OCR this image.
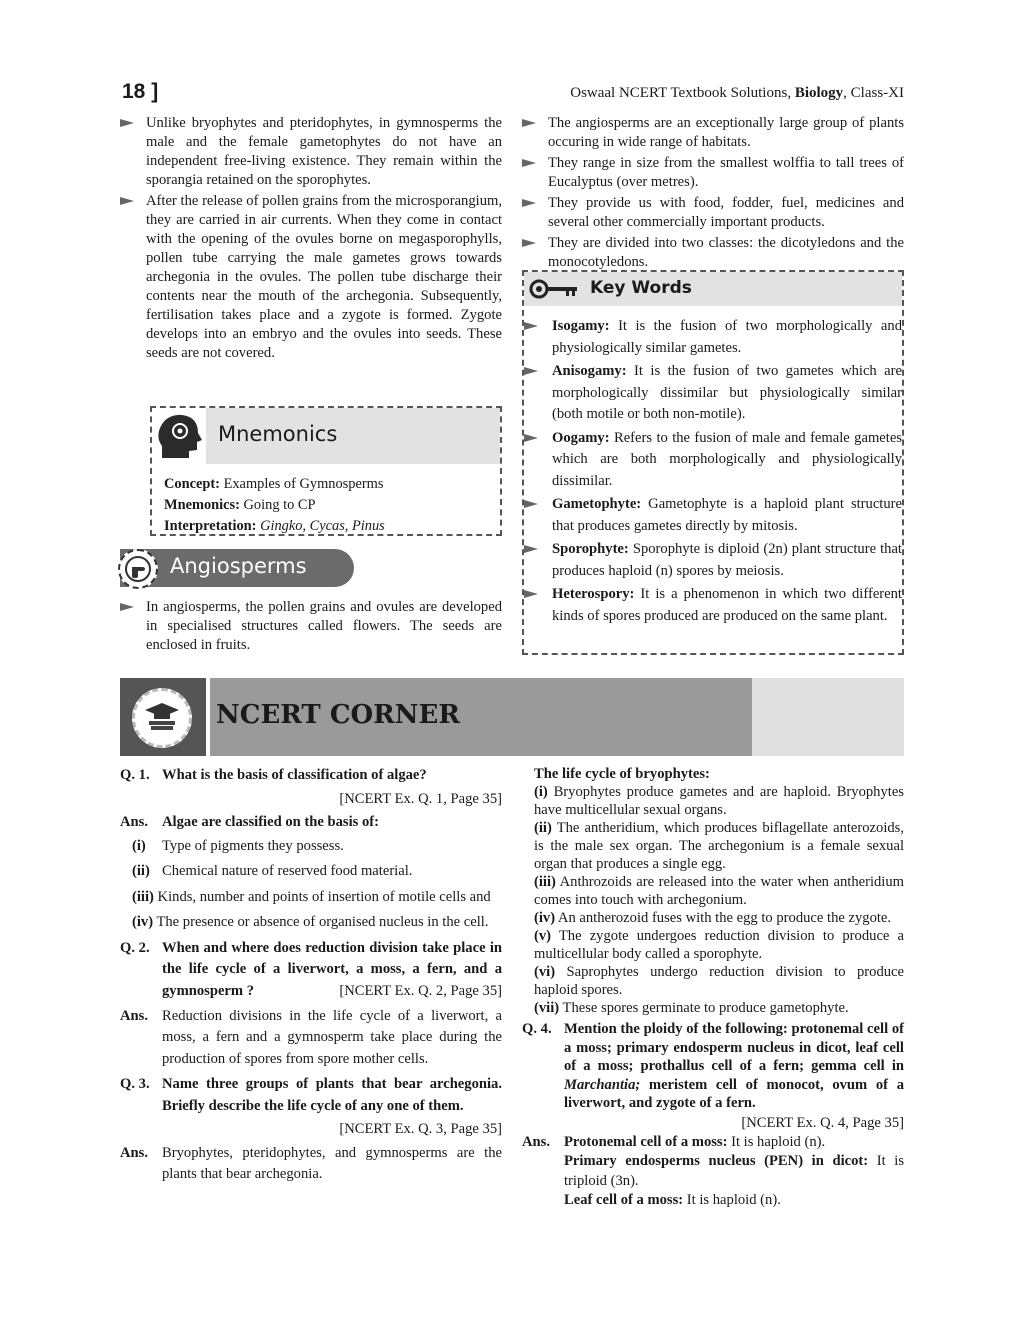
18 ]	Oswaal NCERT Textbook Solutions, Biology, Class-XI
Unlike bryophytes and pteridophytes, in gymnosperms the male and the female gametophytes do not have an independent free-living existence. They remain within the sporangia retained on the sporophytes.
After the release of pollen grains from the microsporangium, they are carried in air currents. When they come in contact with the opening of the ovules borne on megasporophylls, pollen tube carrying the male gametes grows towards archegonia in the ovules. The pollen tube discharge their contents near the mouth of the archegonia. Subsequently, fertilisation takes place and a zygote is formed. Zygote develops into an embryo and the ovules into seeds. These seeds are not covered.
Mnemonics
Concept: Examples of Gymnosperms
Mnemonics: Going to CP
Interpretation: Gingko, Cycas, Pinus
Angiosperms
In angiosperms, the pollen grains and ovules are developed in specialised structures called flowers. The seeds are enclosed in fruits.
The angiosperms are an exceptionally large group of plants occuring in wide range of habitats.
They range in size from the smallest wolffia to tall trees of Eucalyptus (over metres).
They provide us with food, fodder, fuel, medicines and several other commercially important products.
They are divided into two classes: the dicotyledons and the monocotyledons.
Key Words
Isogamy: It is the fusion of two morphologically and physiologically similar gametes.
Anisogamy: It is the fusion of two gametes which are morphologically dissimilar but physiologically similar (both motile or both non-motile).
Oogamy: Refers to the fusion of male and female gametes which are both morphologically and physiologically dissimilar.
Gametophyte: Gametophyte is a haploid plant structure that produces gametes directly by mitosis.
Sporophyte: Sporophyte is diploid (2n) plant structure that produces haploid (n) spores by meiosis.
Heterospory: It is a phenomenon in which two different kinds of spores produced are produced on the same plant.
NCERT CORNER
Q. 1. What is the basis of classification of algae?
[NCERT Ex. Q. 1, Page 35]
Ans. Algae are classified on the basis of:
(i) Type of pigments they possess.
(ii) Chemical nature of reserved food material.
(iii) Kinds, number and points of insertion of motile cells and
(iv) The presence or absence of organised nucleus in the cell.
Q. 2. When and where does reduction division take place in the life cycle of a liverwort, a moss, a fern, and a gymnosperm ?	[NCERT Ex. Q. 2, Page 35]
Ans. Reduction divisions in the life cycle of a liverwort, a moss, a fern and a gymnosperm take place during the production of spores from spore mother cells.
Q. 3. Name three groups of plants that bear archegonia. Briefly describe the life cycle of any one of them.
[NCERT Ex. Q. 3, Page 35]
Ans. Bryophytes, pteridophytes, and gymnosperms are the plants that bear archegonia.
The life cycle of bryophytes:
(i) Bryophytes produce gametes and are haploid. Bryophytes have multicellular sexual organs.
(ii) The antheridium, which produces biflagellate anterozoids, is the male sex organ. The archegonium is a female sexual organ that produces a single egg.
(iii) Anthrozoids are released into the water when antheridium comes into touch with archegonium.
(iv) An antherozoid fuses with the egg to produce the zygote.
(v) The zygote undergoes reduction division to produce a multicellular body called a sporophyte.
(vi) Saprophytes undergo reduction division to produce haploid spores.
(vii) These spores germinate to produce gametophyte.
Q. 4. Mention the ploidy of the following: protonemal cell of a moss; primary endosperm nucleus in dicot, leaf cell of a moss; prothallus cell of a fern; gemma cell in Marchantia; meristem cell of monocot, ovum of a liverwort, and zygote of a fern.
[NCERT Ex. Q. 4, Page 35]
Ans. Protonemal cell of a moss: It is haploid (n).
Primary endosperms nucleus (PEN) in dicot: It is triploid (3n).
Leaf cell of a moss: It is haploid (n).
